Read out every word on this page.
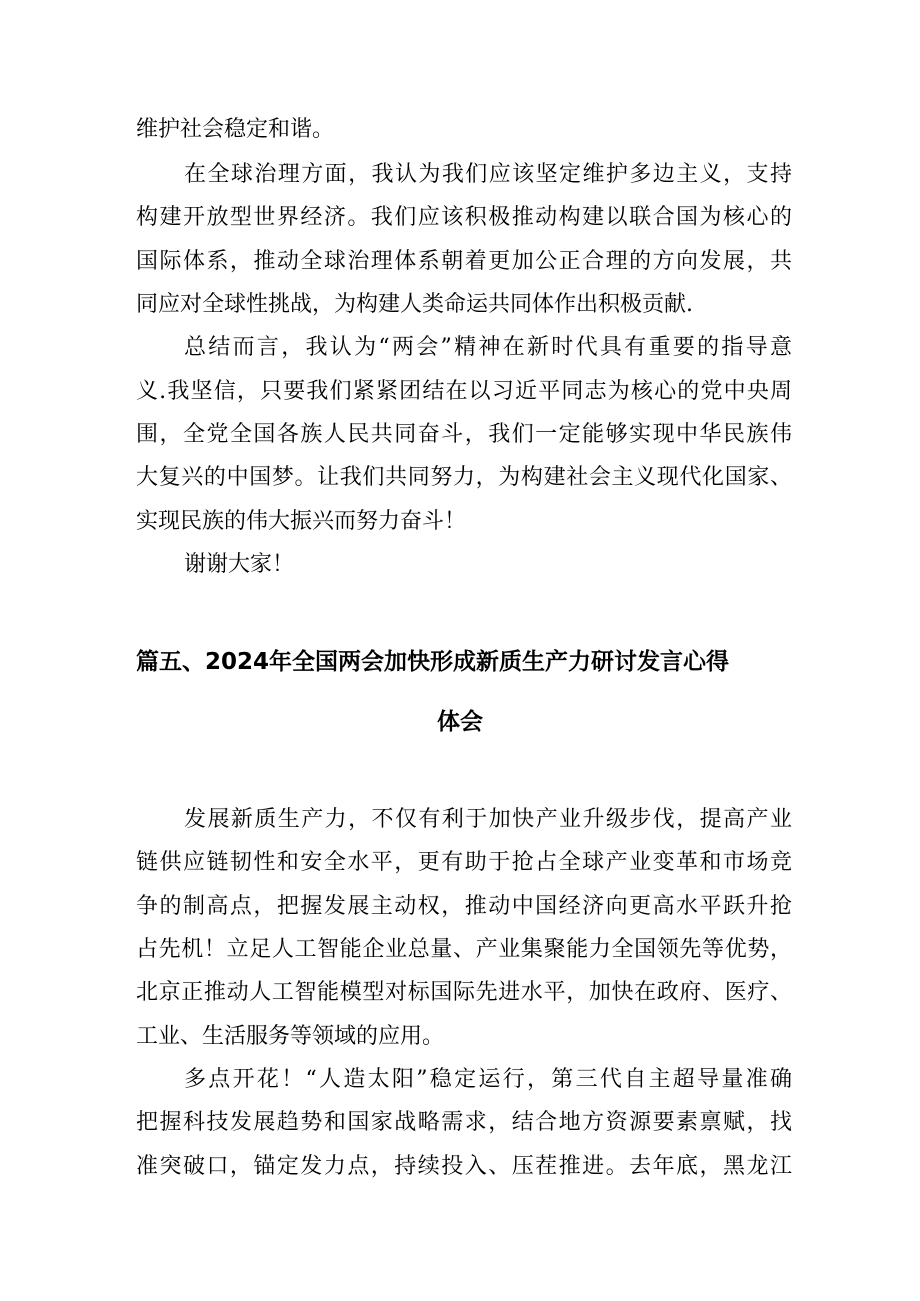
维护社会稳定和谐。
在全球治理方面，我认为我们应该坚定维护多边主义，支持
构建开放型世界经济。我们应该积极推动构建以联合国为核心的
国际体系，推动全球治理体系朝着更加公正合理的方向发展，共
同应对全球性挑战，为构建人类命运共同体作出积极贡献.
总结而言，我认为“两会”精神在新时代具有重要的指导意
义.我坚信，只要我们紧紧团结在以习近平同志为核心的党中央周
围，全党全国各族人民共同奋斗，我们一定能够实现中华民族伟
大复兴的中国梦。让我们共同努力，为构建社会主义现代化国家、
实现民族的伟大振兴而努力奋斗！
谢谢大家！
篇五、2024年全国两会加快形成新质生产力研讨发言心得
体会
发展新质生产力，不仅有利于加快产业升级步伐，提高产业
链供应链韧性和安全水平，更有助于抢占全球产业变革和市场竞
争的制高点，把握发展主动权，推动中国经济向更高水平跃升抢
占先机！立足人工智能企业总量、产业集聚能力全国领先等优势，
北京正推动人工智能模型对标国际先进水平，加快在政府、医疗、
工业、生活服务等领域的应用。
多点开花！“人造太阳”稳定运行，第三代自主超导量准确
把握科技发展趋势和国家战略需求，结合地方资源要素禀赋，找
准突破口，锚定发力点，持续投入、压茬推进。去年底，黑龙江
